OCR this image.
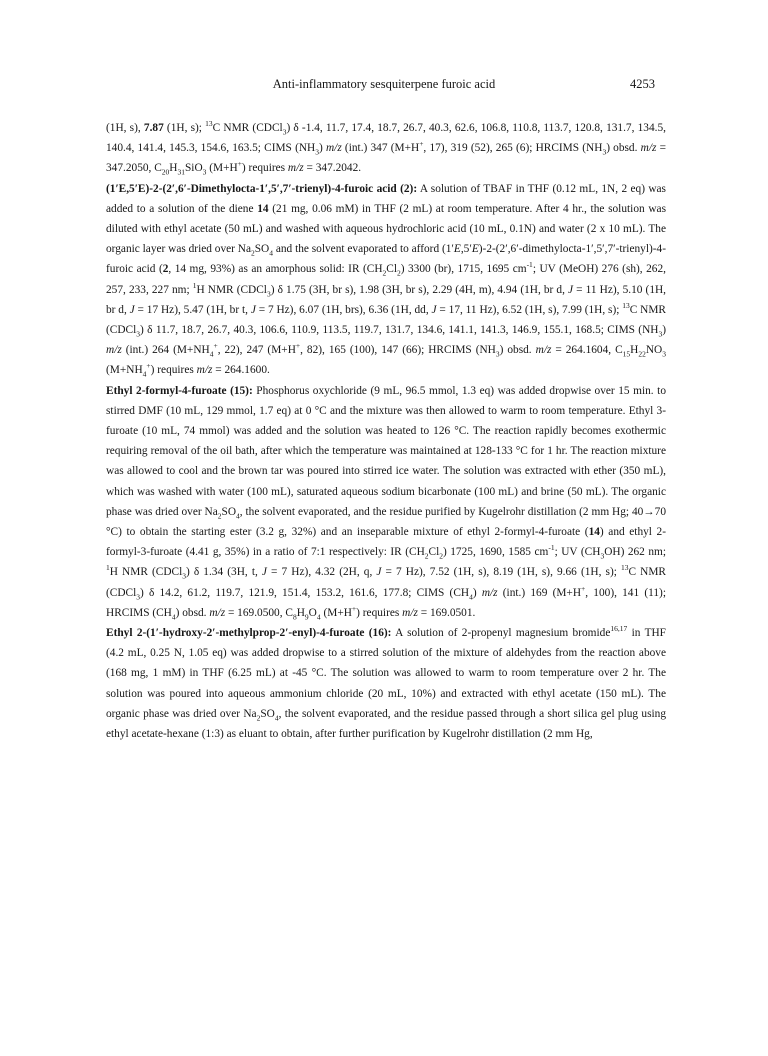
Anti-inflammatory sesquiterpene furoic acid	4253

(1H, s), 7.87 (1H, s); $^{13}$C NMR (CDCl$_3$) δ -1.4, 11.7, 17.4, 18.7, 26.7, 40.3, 62.6, 106.8, 110.8, 113.7, 120.8, 131.7, 134.5, 140.4, 141.4, 145.3, 154.6, 163.5; CIMS $(NH_3)$ m/z (int.) 347 (M+H+, 17), 319 (52), 265 (6); HRCIMS $(NH_3)$ obsd. m/z = 347.2050, $C_{20}H_{31}SiO_3$ (M+H+) requires m/z = 347.2042.

(1′E,5′E)-2-(2′,6′-Dimethylocta-1′,5′,7′-trienyl)-4-furoic acid (2): A solution of TBAF in THF (0.12 mL, 1N, 2 eq) was added to a solution of the diene 14 (21 mg, 0.06 mM) in THF (2 mL) at room temperature. After 4 hr., the solution was diluted with ethyl acetate (50 mL) and washed with aqueous hydrochloric acid (10 mL, 0.1N) and water (2 x 10 mL). The organic layer was dried over $Na_2SO_4$ and the solvent evaporated to afford (1′E,5′E)-2-(2′,6′-dimethylocta-1′,5′,7′-trienyl)-4-furoic acid (2, 14 mg, 93%) as an amorphous solid: IR $(CH_2Cl_2)$ 3300 (br), 1715, 1695 $cm^{-1}$; UV (MeOH) 276 (sh), 262, 257, 233, 227 nm; $^1$H NMR (CDCl$_3$) δ 1.75 (3H, br s), 1.98 (3H, br s), 2.29 (4H, m), 4.94 (1H, br d, J = 11 Hz), 5.10 (1H, br d, J = 17 Hz), 5.47 (1H, br t, J = 7 Hz), 6.07 (1H, brs), 6.36 (1H, dd, J = 17, 11 Hz), 6.52 (1H, s), 7.99 (1H, s); $^{13}$C NMR (CDCl$_3$) δ 11.7, 18.7, 26.7, 40.3, 106.6, 110.9, 113.5, 119.7, 131.7, 134.6, 141.1, 141.3, 146.9, 155.1, 168.5; CIMS $(NH_3)$ m/z (int.) 264 ($M+NH_4^+$, 22), 247 (M+H+, 82), 165 (100), 147 (66); HRCIMS $(NH_3)$ obsd. m/z = 264.1604, $C_{15}H_{22}NO_3$ $(M+NH_4^+)$ requires m/z = 264.1600.

Ethyl 2-formyl-4-furoate (15): Phosphorus oxychloride (9 mL, 96.5 mmol, 1.3 eq) was added dropwise over 15 min. to stirred DMF (10 mL, 129 mmol, 1.7 eq) at 0 °C and the mixture was then allowed to warm to room temperature. Ethyl 3-furoate (10 mL, 74 mmol) was added and the solution was heated to 126 °C. The reaction rapidly becomes exothermic requiring removal of the oil bath, after which the temperature was maintained at 128-133 °C for 1 hr. The reaction mixture was allowed to cool and the brown tar was poured into stirred ice water. The solution was extracted with ether (350 mL), which was washed with water (100 mL), saturated aqueous sodium bicarbonate (100 mL) and brine (50 mL). The organic phase was dried over $Na_2SO_4$, the solvent evaporated, and the residue purified by Kugelrohr distillation (2 mm Hg; 40→70 °C) to obtain the starting ester (3.2 g, 32%) and an inseparable mixture of ethyl 2-formyl-4-furoate (14) and ethyl 2-formyl-3-furoate (4.41 g, 35%) in a ratio of 7:1 respectively: IR $(CH_2Cl_2)$ 1725, 1690, 1585 $cm^{-1}$; UV $(CH_3OH)$ 262 nm; $^1$H NMR (CDCl$_3$) δ 1.34 (3H, t, J = 7 Hz), 4.32 (2H, q, J = 7 Hz), 7.52 (1H, s), 8.19 (1H, s), 9.66 (1H, s); $^{13}$C NMR (CDCl$_3$) δ 14.2, 61.2, 119.7, 121.9, 151.4, 153.2, 161.6, 177.8; CIMS $(CH_4)$ m/z (int.) 169 (M+H+, 100), 141 (11); HRCIMS $(CH_4)$ obsd. m/z = 169.0500, $C_8H_9O_4$ (M+H+) requires m/z = 169.0501.

Ethyl 2-(1′-hydroxy-2′-methylprop-2′-enyl)-4-furoate (16): A solution of 2-propenyl magnesium bromide$^{16,17}$ in THF (4.2 mL, 0.25 N, 1.05 eq) was added dropwise to a stirred solution of the mixture of aldehydes from the reaction above (168 mg, 1 mM) in THF (6.25 mL) at -45 °C. The solution was allowed to warm to room temperature over 2 hr. The solution was poured into aqueous ammonium chloride (20 mL, 10%) and extracted with ethyl acetate (150 mL). The organic phase was dried over $Na_2SO_4$, the solvent evaporated, and the residue passed through a short silica gel plug using ethyl acetate-hexane (1:3) as eluant to obtain, after further purification by Kugelrohr distillation (2 mm Hg,
